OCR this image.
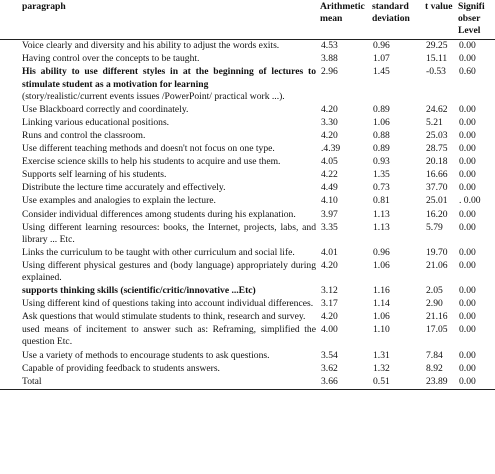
	paragraph	Arithmetic mean	standard deviation	t value	Signifi obser Level
	Voice clearly and diversity and his ability to adjust the words exits.	4.53	0.96	29.25	0.00
	Having control over the concepts to be taught.	3.88	1.07	15.11	0.00
	His ability to use different styles in at the beginning of lectures to stimulate student as a motivation for learning
(story/realistic/current events issues /PowerPoint/ practical work ...).	2.96	1.45	-0.53	0.60
	Use Blackboard correctly and coordinately.	4.20	0.89	24.62	0.00
	Linking various educational positions.	3.30	1.06	5.21	0.00
	Runs and control the classroom.	4.20	0.88	25.03	0.00
	Use different teaching methods and doesn't not focus on one type.	.4.39	0.89	28.75	0.00
	Exercise science skills to help his students to acquire and use them.	4.05	0.93	20.18	0.00
	Supports self learning of his students.	4.22	1.35	16.66	0.00
	Distribute the lecture time accurately and effectively.	4.49	0.73	37.70	0.00
	Use examples and analogies to explain the lecture.	4.10	0.81	25.01	. 0.00
	Consider individual differences among students during his explanation.	3.97	1.13	16.20	0.00
	Using different learning resources: books, the Internet, projects, labs, and library ... Etc.	3.35	1.13	5.79	0.00
	Links the curriculum to be taught with other curriculum and social life.	4.01	0.96	19.70	0.00
	Using different physical gestures and (body language) appropriately during explained.	4.20	1.06	21.06	0.00
	supports thinking skills (scientific/critic/innovative ...Etc)	3.12	1.16	2.05	0.00
	Using different kind of questions taking into account individual differences.	3.17	1.14	2.90	0.00
	Ask questions that would stimulate students to think, research and survey.	4.20	1.06	21.16	0.00
	used means of incitement to answer such as: Reframing, simplified the question Etc.	4.00	1.10	17.05	0.00
	Use a variety of methods to encourage students to ask questions.	3.54	1.31	7.84	0.00
	Capable of providing feedback to students answers.	3.62	1.32	8.92	0.00
	Total	3.66	0.51	23.89	0.00
